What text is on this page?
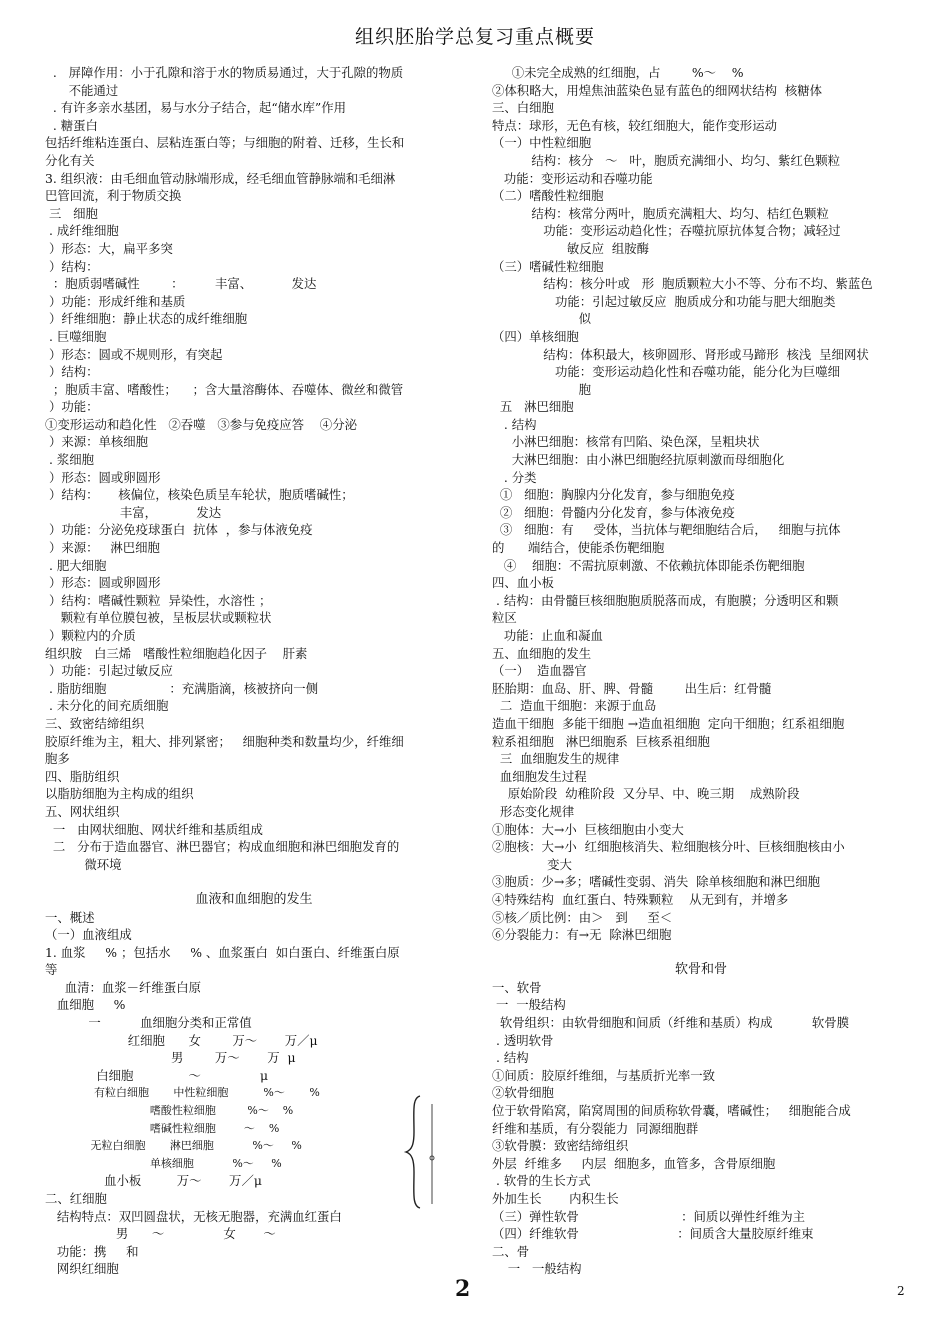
组织胚胎学总复习重点概要
.   屏障作用：小于孔隙和溶于水的物质易通过，大于孔隙的物质
不能通过
. 有许多亲水基团，易与水分子结合，起“储水库”作用
. 糖蛋白
包括纤维粘连蛋白、层粘连蛋白等；与细胞的附着、迁移，生长和
分化有关
3. 组织液：由毛细血管动脉端形成，经毛细血管静脉端和毛细淋
巴管回流，利于物质交换
三   细胞
. 成纤维细胞
）形态：大，扁平多突
）结构：
：胞质弱嗜碱性        ：        丰富、          发达
）功能：形成纤维和基质
）纤维细胞：静止状态的成纤维细胞
. 巨噬细胞
）形态：圆或不规则形，有突起
）结构：
；胞质丰富、嗜酸性；    ；含大量溶酶体、吞噬体、微丝和微管
）功能：
①变形运动和趋化性   ②吞噬   ③参与免疫应答    ④分泌
）来源：单核细胞
. 浆细胞
）形态：圆或卵圆形
）结构：     核偏位，核染色质呈车轮状，胞质嗜碱性；
丰富，          发达
）功能：分泌免疫球蛋白  抗体  ，参与体液免疫
）来源：   淋巴细胞
. 肥大细胞
）形态：圆或卵圆形
）结构：嗜碱性颗粒  异染性，水溶性 ；
颗粒有单位膜包被，呈板层状或颗粒状
）颗粒内的介质
组织胺   白三烯   嗜酸性粒细胞趋化因子    肝素
）功能：引起过敏反应
. 脂肪细胞                ：充满脂滴，核被挤向一侧
. 未分化的间充质细胞
三、致密结缔组织
胶原纤维为主，粗大、排列紧密；   细胞种类和数量均少，纤维细
胞多
四、脂肪组织
以脂肪细胞为主构成的组织
五、网状组织
一   由网状细胞、网状纤维和基质组成
二   分布于造血器官、淋巴器官；构成血细胞和淋巴细胞发育的
微环境
血液和血细胞的发生
一、概述
（一）血液组成
1. 血浆     % ；包括水     % 、血浆蛋白  如白蛋白、纤维蛋白原
等
血清：血浆－纤维蛋白原
血细胞     %
一          血细胞分类和正常值
红细胞      女        万～       万／μ
男        万～       万  μ
白细胞              ～               μ
有粒白细胞       中性粒细胞          %～       %
嗜酸性粒细胞         %～    %
嗜碱性粒细胞        ～    %
无粒白细胞       淋巴细胞           %～     %
单核细胞           %～     %
血小板         万～       万／μ
二、红细胞
结构特点：双凹圆盘状，无核无胞器，充满血红蛋白
男      ～               女       ～
功能：携     和
网织红细胞
①未完全成熟的红细胞，占        %～    %
②体积略大，用煌焦油蓝染色显有蓝色的细网状结构  核糖体
三、白细胞
特点：球形，无色有核，较红细胞大，能作变形运动
（一）中性粒细胞
结构：核分   ～   叶，胞质充满细小、均匀、紫红色颗粒
功能：变形运动和吞噬功能
（二）嗜酸性粒细胞
结构：核常分两叶，胞质充满粗大、均匀、桔红色颗粒
功能：变形运动趋化性；吞噬抗原抗体复合物；减轻过
敏反应  组胺酶
（三）嗜碱性粒细胞
结构：核分叶或   形  胞质颗粒大小不等、分布不均、紫蓝色
功能：引起过敏反应  胞质成分和功能与肥大细胞类
似
（四）单核细胞
结构：体积最大，核卵圆形、肾形或马蹄形  核浅  呈细网状
功能：变形运动趋化性和吞噬功能，能分化为巨噬细
胞
五   淋巴细胞
. 结构
小淋巴细胞：核常有凹陷、染色深，呈粗块状
大淋巴细胞：由小淋巴细胞经抗原刺激而母细胞化
. 分类
①   细胞：胸腺内分化发育，参与细胞免疫
②   细胞：骨髓内分化发育，参与体液免疫
③   细胞：有     受体，当抗体与靶细胞结合后，   细胞与抗体
的      端结合，使能杀伤靶细胞
④    细胞：不需抗原刺激、不依赖抗体即能杀伤靶细胞
四、血小板
. 结构：由骨髓巨核细胞胞质脱落而成，有胞膜；分透明区和颗
粒区
功能：止血和凝血
五、血细胞的发生
（一）  造血器官
胚胎期：血岛、肝、脾、骨髓        出生后：红骨髓
二  造血干细胞：来源于血岛
造血干细胞  多能干细胞 →造血祖细胞  定向干细胞；红系祖细胞
粒系祖细胞   淋巴细胞系  巨核系祖细胞
三  血细胞发生的规律
血细胞发生过程
原始阶段  幼稚阶段  又分早、中、晚三期    成熟阶段
形态变化规律
①胞体：大→小  巨核细胞由小变大
②胞核：大→小  红细胞核消失、粒细胞核分叶、巨核细胞核由小
变大
③胞质：少→多；嗜碱性变弱、消失  除单核细胞和淋巴细胞
④特殊结构  血红蛋白、特殊颗粒    从无到有，并增多
⑤核／质比例：由＞   到     至＜
⑥分裂能力：有→无  除淋巴细胞
软骨和骨
一、软骨
一  一般结构
软骨组织：由软骨细胞和间质（纤维和基质）构成          软骨膜
. 透明软骨
. 结构
①间质：胶原纤维细，与基质折光率一致
②软骨细胞
位于软骨陷窝，陷窝周围的间质称软骨囊，嗜碱性；   细胞能合成
纤维和基质，有分裂能力  同源细胞群
③软骨膜：致密结缔组织
外层  纤维多     内层  细胞多，血管多，含骨原细胞
. 软骨的生长方式
外加生长       内积生长
（三）弹性软骨                          ：间质以弹性纤维为主
（四）纤维软骨                         ：间质含大量胶原纤维束
二、骨
一   一般结构
2	2
